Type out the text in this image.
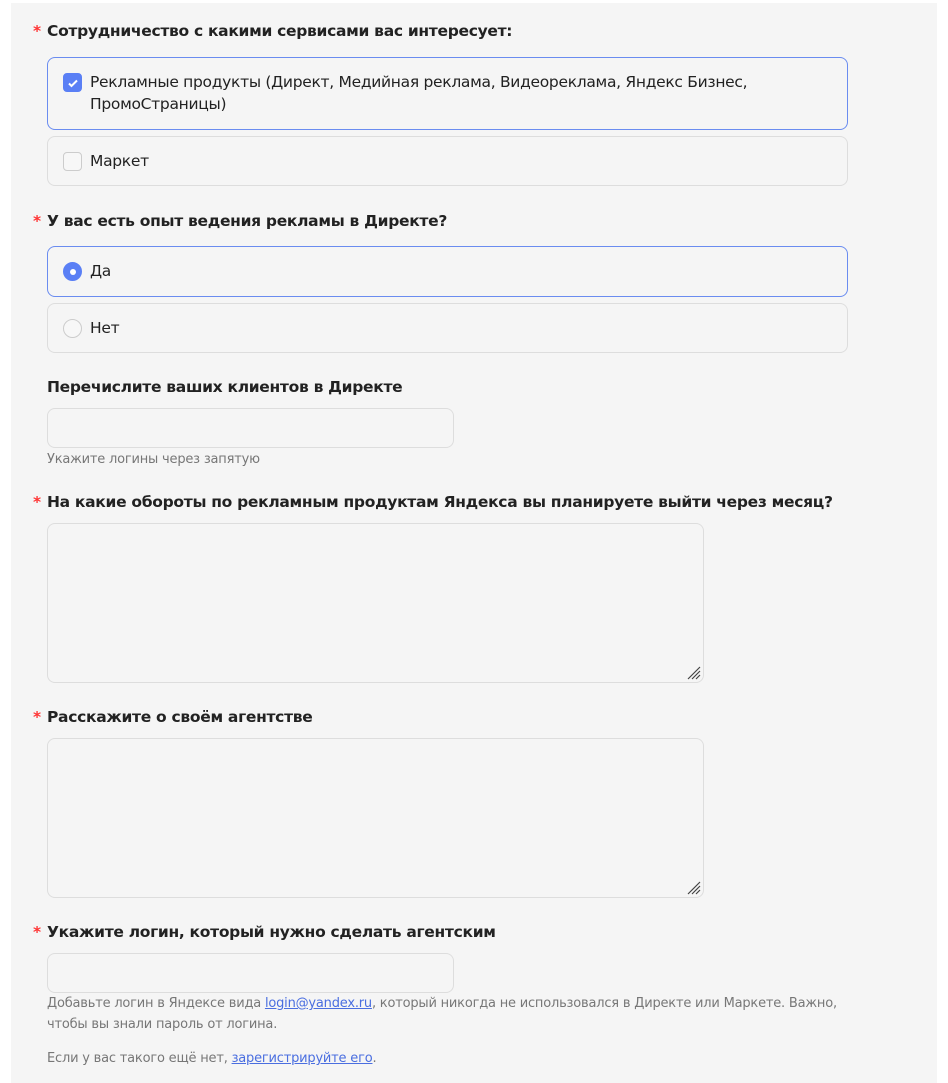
* Сотрудничество с какими сервисами вас интересует:
Рекламные продукты (Директ, Медийная реклама, Видеореклама, Яндекс Бизнес, ПромоСтраницы)
Маркет
* У вас есть опыт ведения рекламы в Директе?
Да
Нет
Перечислите ваших клиентов в Директе
Укажите логины через запятую
* На какие обороты по рекламным продуктам Яндекса вы планируете выйти через месяц?
* Расскажите о своём агентстве
* Укажите логин, который нужно сделать агентским
Добавьте логин в Яндексе вида login@yandex.ru, который никогда не использовался в Директе или Маркете. Важно, чтобы вы знали пароль от логина.
Если у вас такого ещё нет, зарегистрируйте его.
